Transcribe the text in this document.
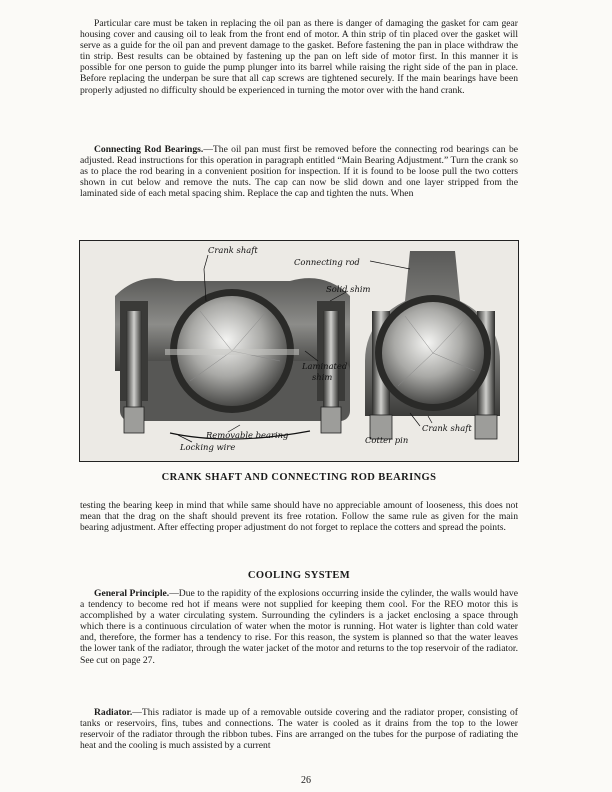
Particular care must be taken in replacing the oil pan as there is danger of damaging the gasket for cam gear housing cover and causing oil to leak from the front end of motor. A thin strip of tin placed over the gasket will serve as a guide for the oil pan and prevent damage to the gasket. Before fastening the pan in place withdraw the tin strip. Best results can be obtained by fastening up the pan on left side of motor first. In this manner it is possible for one person to guide the pump plunger into its barrel while raising the right side of the pan in place. Before replacing the underpan be sure that all cap screws are tightened securely. If the main bearings have been properly adjusted no difficulty should be experienced in turning the motor over with the hand crank.

Connecting Rod Bearings.—The oil pan must first be removed before the connecting rod bearings can be adjusted. Read instructions for this operation in paragraph entitled “Main Bearing Adjustment.” Turn the crank so as to place the rod bearing in a convenient position for inspection. If it is found to be loose pull the two cotters shown in cut below and remove the nuts. The cap can now be slid down and one layer stripped from the laminated side of each metal spacing shim. Replace the cap and tighten the nuts. When

Crank shaft
Connecting rod
Solid shim
Laminated
shim
Crank shaft
Removable bearing
Locking wire
Cotter pin
CRANK SHAFT AND CONNECTING ROD BEARINGS

testing the bearing keep in mind that while same should have no appreciable amount of looseness, this does not mean that the drag on the shaft should prevent its free rotation. Follow the same rule as given for the main bearing adjustment. After effecting proper adjustment do not forget to replace the cotters and spread the points.

COOLING SYSTEM

General Principle.—Due to the rapidity of the explosions occurring inside the cylinder, the walls would have a tendency to become red hot if means were not supplied for keeping them cool. For the REO motor this is accomplished by a water circulating system. Surrounding the cylinders is a jacket enclosing a space through which there is a continuous circulation of water when the motor is running. Hot water is lighter than cold water and, therefore, the former has a tendency to rise. For this reason, the system is planned so that the water leaves the lower tank of the radiator, through the water jacket of the motor and returns to the top reservoir of the radiator. See cut on page 27.

Radiator.—This radiator is made up of a removable outside covering and the radiator proper, consisting of tanks or reservoirs, fins, tubes and connections. The water is cooled as it drains from the top to the lower reservoir of the radiator through the ribbon tubes. Fins are arranged on the tubes for the purpose of radiating the heat and the cooling is much assisted by a current

26
